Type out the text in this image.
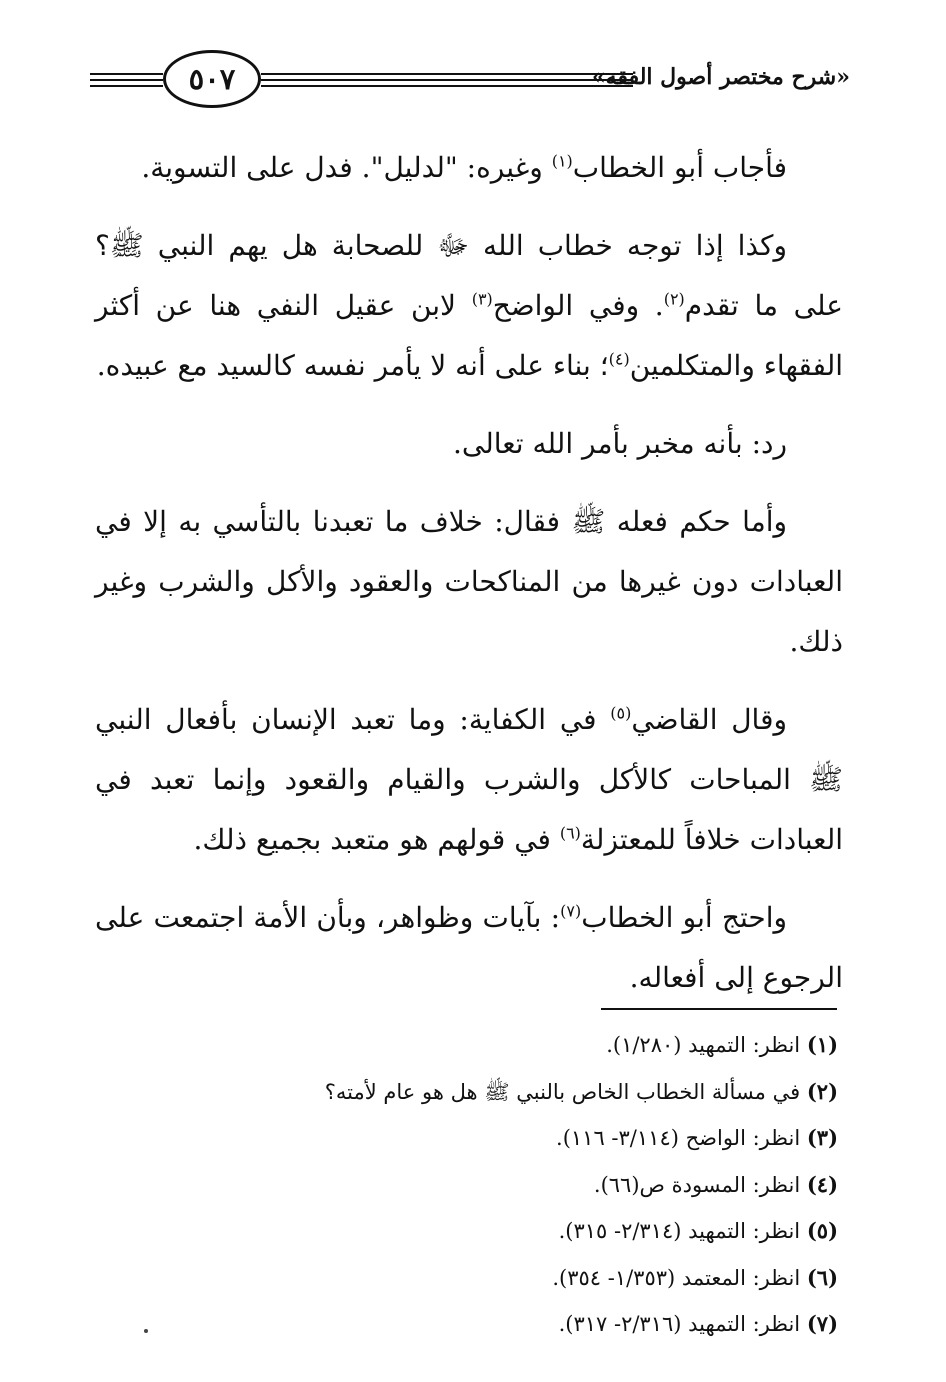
٥٠٧	«شرح مختصر أصول الفقه»

فأجاب أبو الخطاب$^{(١)}$ وغيره: "لدليل". فدل على التسوية.

وكذا إذا توجه خطاب الله ﷻ للصحابة هل يهم النبي ﷺ؟ على ما تقدم$^{(٢)}$. وفي الواضح$^{(٣)}$ لابن عقيل النفي هنا عن أكثر الفقهاء والمتكلمين$^{(٤)}$؛ بناء على أنه لا يأمر نفسه كالسيد مع عبيده.

رد: بأنه مخبر بأمر الله تعالى.

وأما حكم فعله ﷺ فقال: خلاف ما تعبدنا بالتأسي به إلا في العبادات دون غيرها من المناكحات والعقود والأكل والشرب وغير ذلك.

وقال القاضي$^{(٥)}$ في الكفاية: وما تعبد الإنسان بأفعال النبي ﷺ المباحات كالأكل والشرب والقيام والقعود وإنما تعبد في العبادات خلافاً للمعتزلة$^{(٦)}$ في قولهم هو متعبد بجميع ذلك.

واحتج أبو الخطاب$^{(٧)}$: بآيات وظواهر، وبأن الأمة اجتمعت على الرجوع إلى أفعاله.

(١) انظر: التمهيد (١/٢٨٠).
(٢) في مسألة الخطاب الخاص بالنبي ﷺ هل هو عام لأمته؟
(٣) انظر: الواضح (٣/١١٤- ١١٦).
(٤) انظر: المسودة ص(٦٦).
(٥) انظر: التمهيد (٢/٣١٤- ٣١٥).
(٦) انظر: المعتمد (١/٣٥٣- ٣٥٤).
(٧) انظر: التمهيد (٢/٣١٦- ٣١٧).
